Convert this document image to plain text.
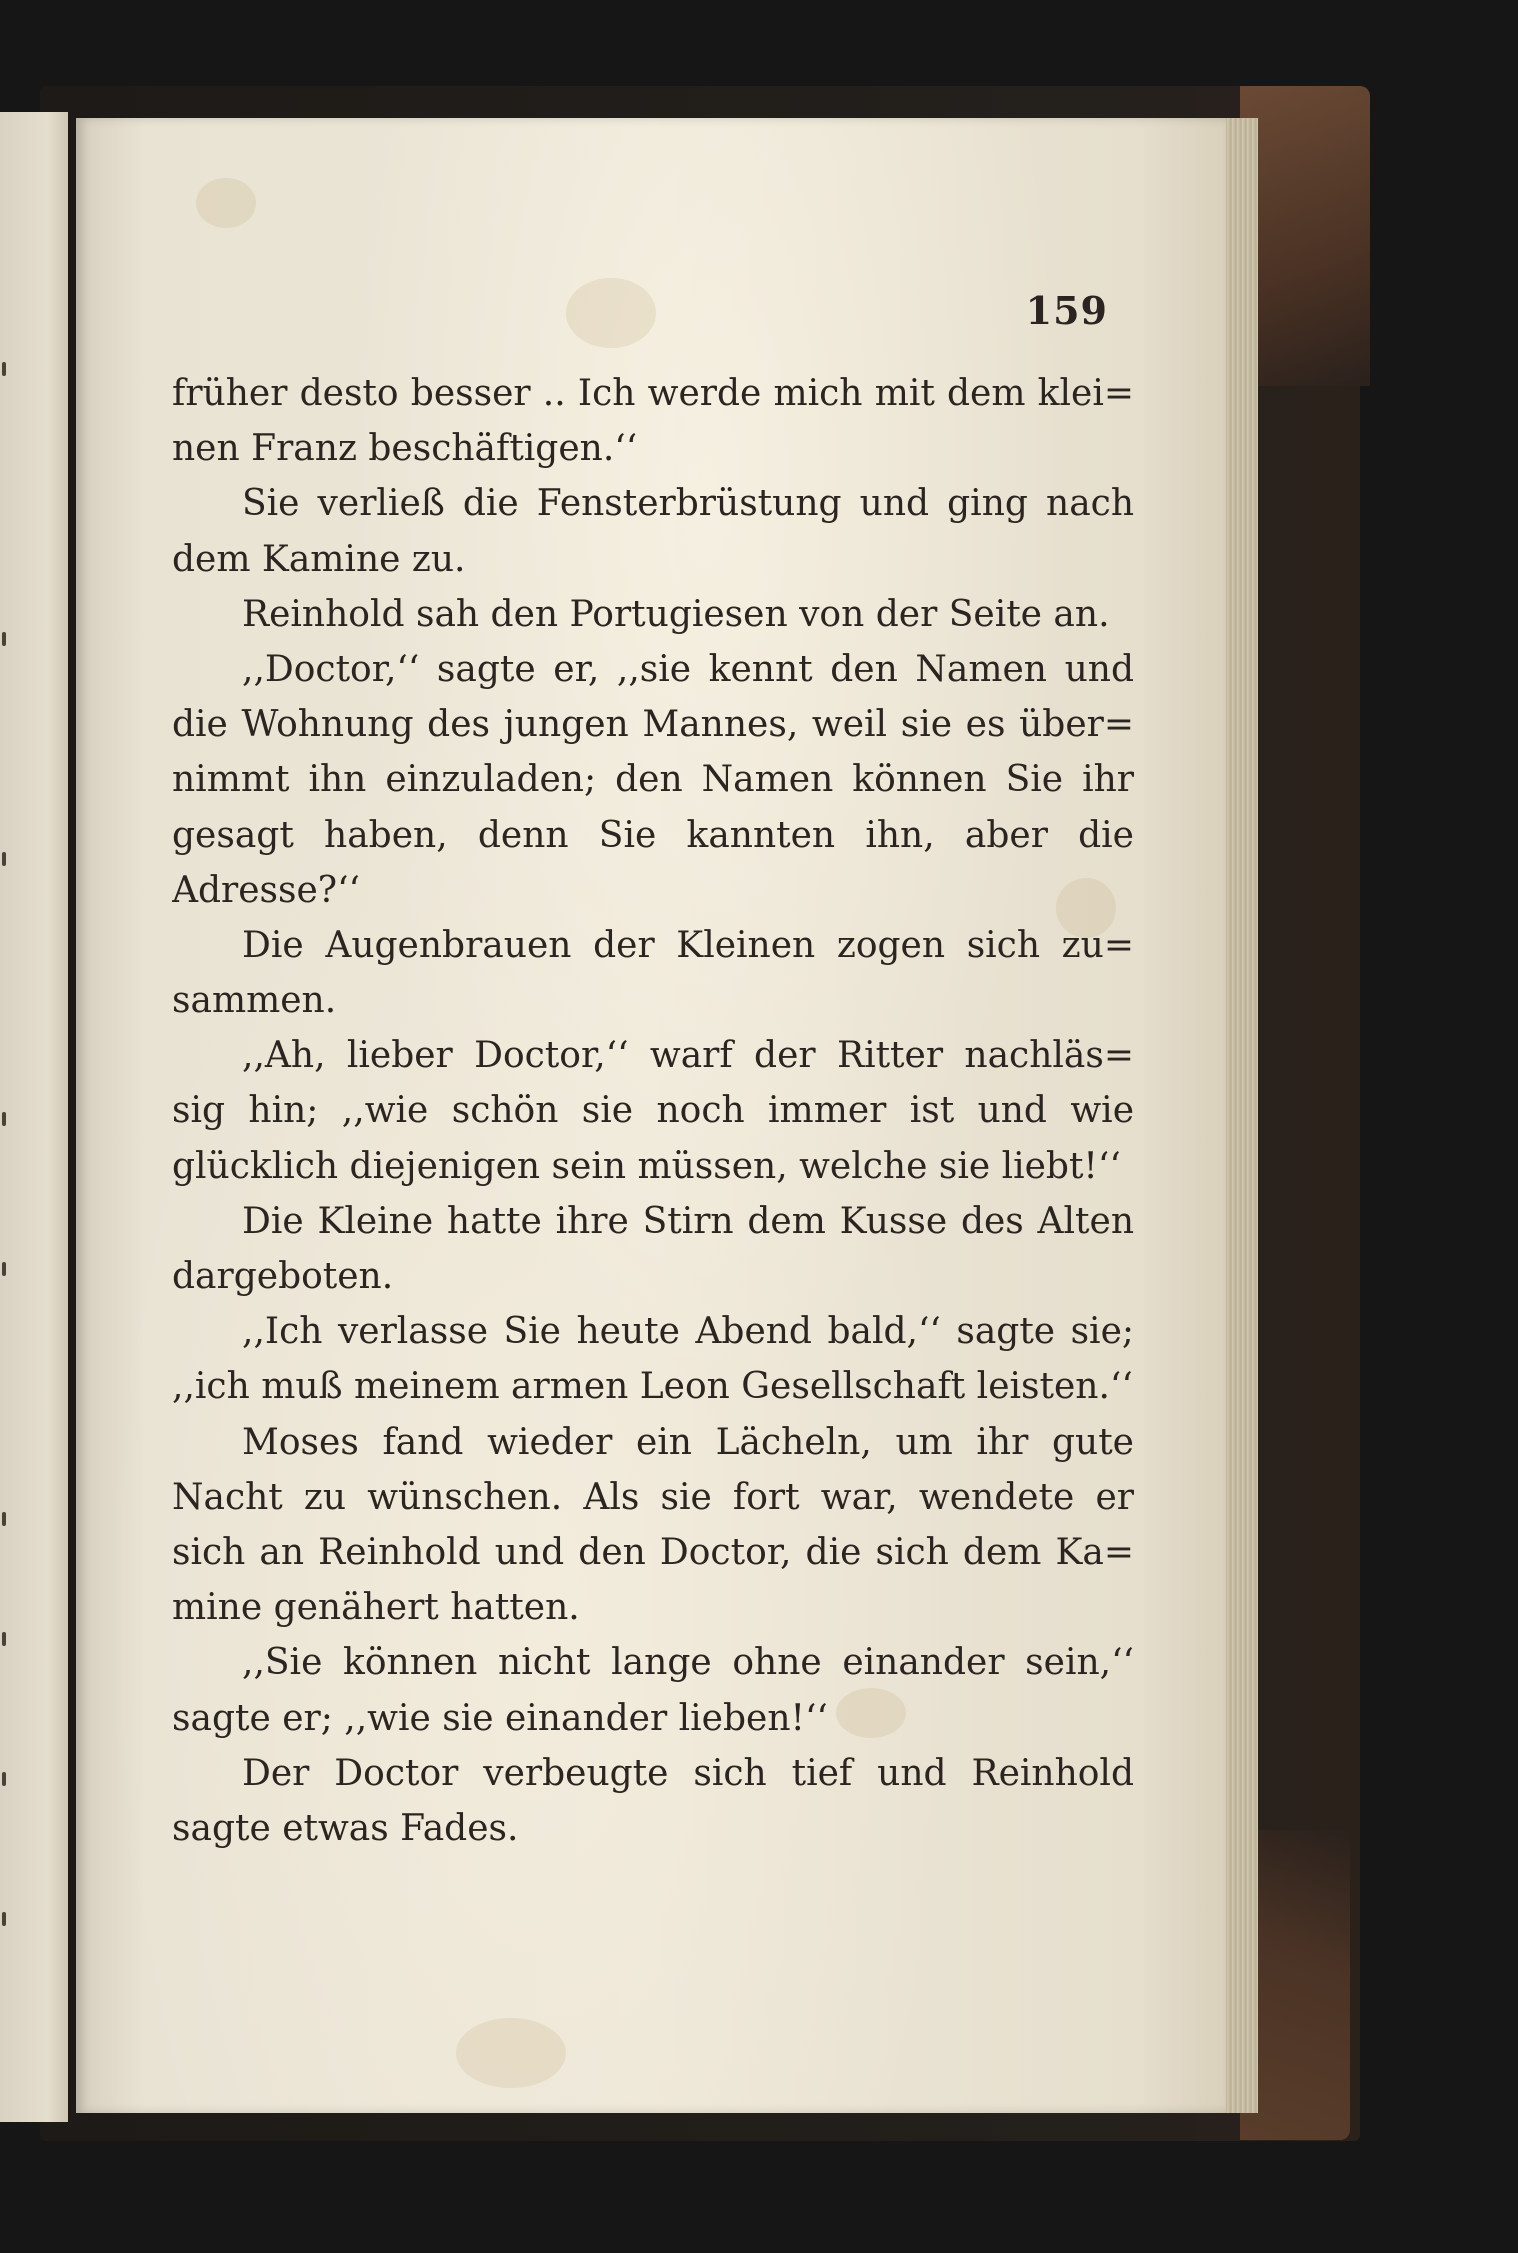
159
früher desto besser .. Ich werde mich mit dem klei=
nen Franz beschäftigen.‘‘
Sie verließ die Fensterbrüstung und ging nach
dem Kamine zu.
Reinhold sah den Portugiesen von der Seite an.
,,Doctor,‘‘ sagte er, ,,sie kennt den Namen und
die Wohnung des jungen Mannes, weil sie es über=
nimmt ihn einzuladen; den Namen können Sie ihr
gesagt haben, denn Sie kannten ihn, aber die
Adresse?‘‘
Die Augenbrauen der Kleinen zogen sich zu=
sammen.
,,Ah, lieber Doctor,‘‘ warf der Ritter nachläs=
sig hin; ,,wie schön sie noch immer ist und wie
glücklich diejenigen sein müssen, welche sie liebt!‘‘
Die Kleine hatte ihre Stirn dem Kusse des Alten
dargeboten.
,,Ich verlasse Sie heute Abend bald,‘‘ sagte sie;
,,ich muß meinem armen Leon Gesellschaft leisten.‘‘
Moses fand wieder ein Lächeln, um ihr gute
Nacht zu wünschen. Als sie fort war, wendete er
sich an Reinhold und den Doctor, die sich dem Ka=
mine genähert hatten.
,,Sie können nicht lange ohne einander sein,‘‘
sagte er; ,,wie sie einander lieben!‘‘
Der Doctor verbeugte sich tief und Reinhold
sagte etwas Fades.
